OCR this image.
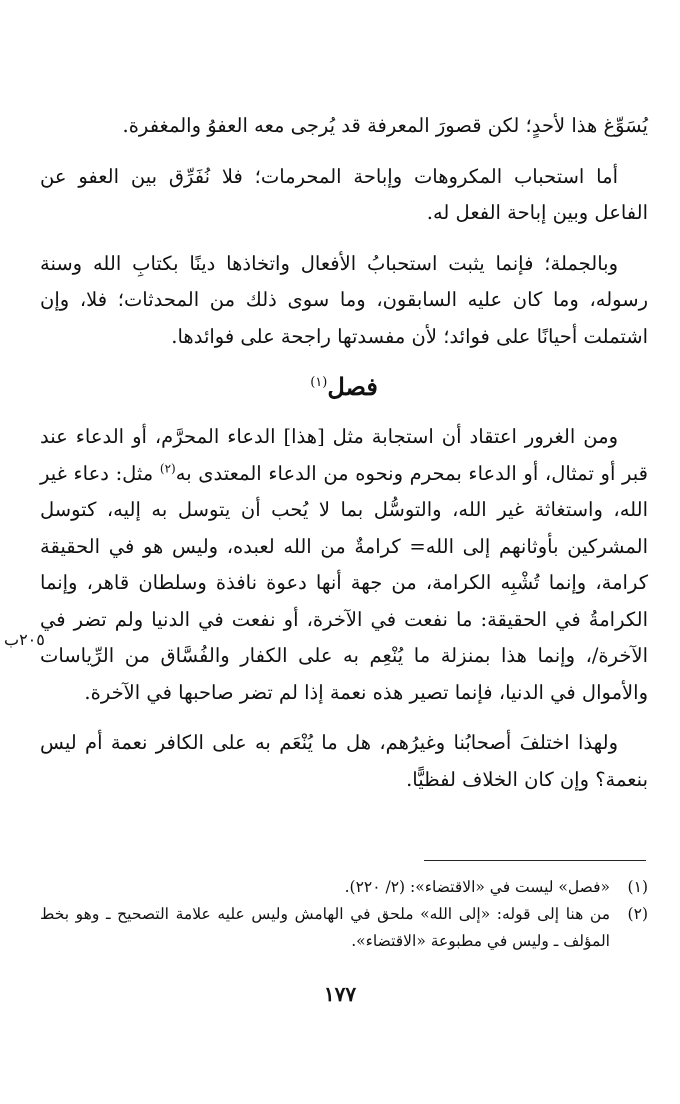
يُسَوِّغ هذا لأحدٍ؛ لكن قصورَ المعرفة قد يُرجى معه العفوُ والمغفرة.

أما استحباب المكروهات وإباحة المحرمات؛ فلا نُفَرِّق بين العفو عن الفاعل وبين إباحة الفعل له.

وبالجملة؛ فإنما يثبت استحبابُ الأفعال واتخاذها دينًا بكتابِ الله وسنة رسوله، وما كان عليه السابقون، وما سوى ذلك من المحدثات؛ فلا، وإن اشتملت أحيانًا على فوائد؛ لأن مفسدتها راجحة على فوائدها.

فصل$^{(١)}$

ومن الغرور اعتقاد أن استجابة مثل [هذا] الدعاء المحرَّم، أو الدعاء عند قبر أو تمثال، أو الدعاء بمحرم ونحوه من الدعاء المعتدى به$^{(٢)}$ مثل: دعاء غير الله، واستغاثة غير الله، والتوسُّل بما لا يُحب أن يتوسل به إليه، كتوسل المشركين بأوثانهم إلى الله= كرامةٌ من الله لعبده، وليس هو في الحقيقة كرامة، وإنما تُشْبِه الكرامة، من جهة أنها دعوة نافذة وسلطان قاهر، وإنما الكرامةُ في الحقيقة: ما نفعت في الآخرة، أو نفعت في الدنيا ولم تضر في الآخرة/، وإنما هذا بمنزلة ما يُنْعِم به على الكفار والفُسَّاق من الرِّياسات والأموال في الدنيا، فإنما تصير هذه نعمة إذا لم تضر صاحبها في الآخرة.

ولهذا اختلفَ أصحابُنا وغيرُهم، هل ما يُنْعَم به على الكافر نعمة أم ليس بنعمة؟ وإن كان الخلاف لفظيًّا.

٢٠٥ب
(١)
«فصل» ليست في «الاقتضاء»: (٢/ ٢٢٠).
(٢)
من هنا إلى قوله: «إلى الله» ملحق في الهامش وليس عليه علامة التصحيح ـ وهو بخط المؤلف ـ وليس في مطبوعة «الاقتضاء».
١٧٧
